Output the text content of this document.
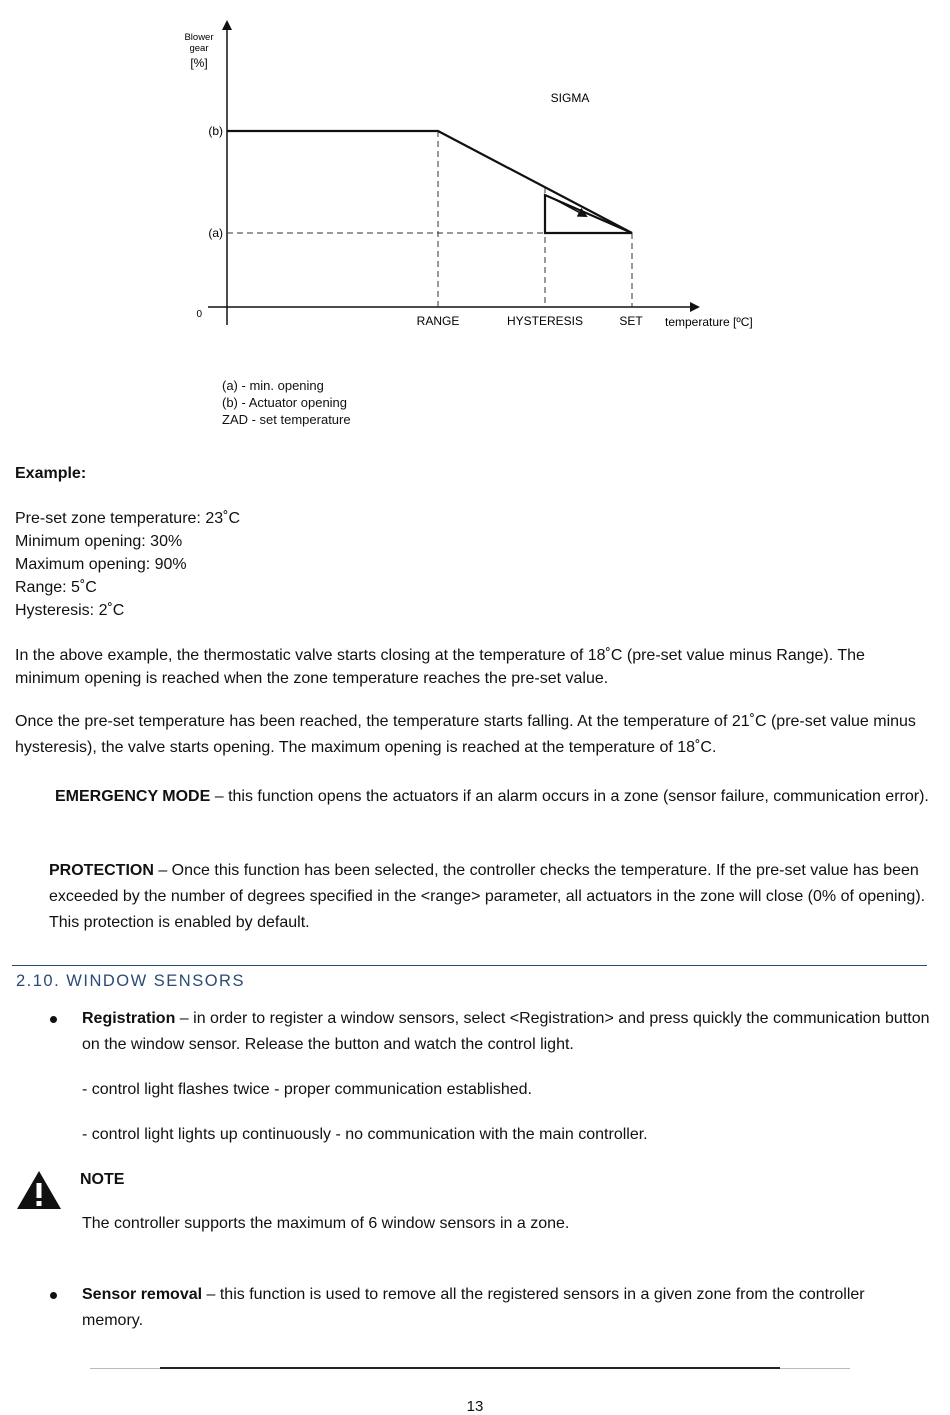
Blower
gear
[%]
SIGMA
(b)
(a)
0	RANGE	HYSTERESIS	SET temperature [ºC]
(a) - min. opening
(b) - Actuator opening
ZAD - set temperature
Example:
Pre-set zone temperature: 23˚C
Minimum opening: 30%
Maximum opening: 90%
Range: 5˚C
Hysteresis: 2˚C
In the above example, the thermostatic valve starts closing at the temperature of 18˚C (pre-set value minus Range). The minimum opening is reached when the zone temperature reaches the pre-set value.
Once the pre-set temperature has been reached, the temperature starts falling. At the temperature of 21˚C (pre-set value minus hysteresis), the valve starts opening. The maximum opening is reached at the temperature of 18˚C.
EMERGENCY MODE – this function opens the actuators if an alarm occurs in a zone (sensor failure, communication error).
PROTECTION – Once this function has been selected, the controller checks the temperature. If the pre-set value has been exceeded by the number of degrees specified in the <range> parameter, all actuators in the zone will close (0% of opening). This protection is enabled by default.
2.10. WINDOW SENSORS
Registration – in order to register a window sensors, select <Registration> and press quickly the communication button on the window sensor. Release the button and watch the control light.
- control light flashes twice - proper communication established.
- control light lights up continuously - no communication with the main controller.
NOTE
The controller supports the maximum of 6 window sensors in a zone.
Sensor removal – this function is used to remove all the registered sensors in a given zone from the controller memory.
13
